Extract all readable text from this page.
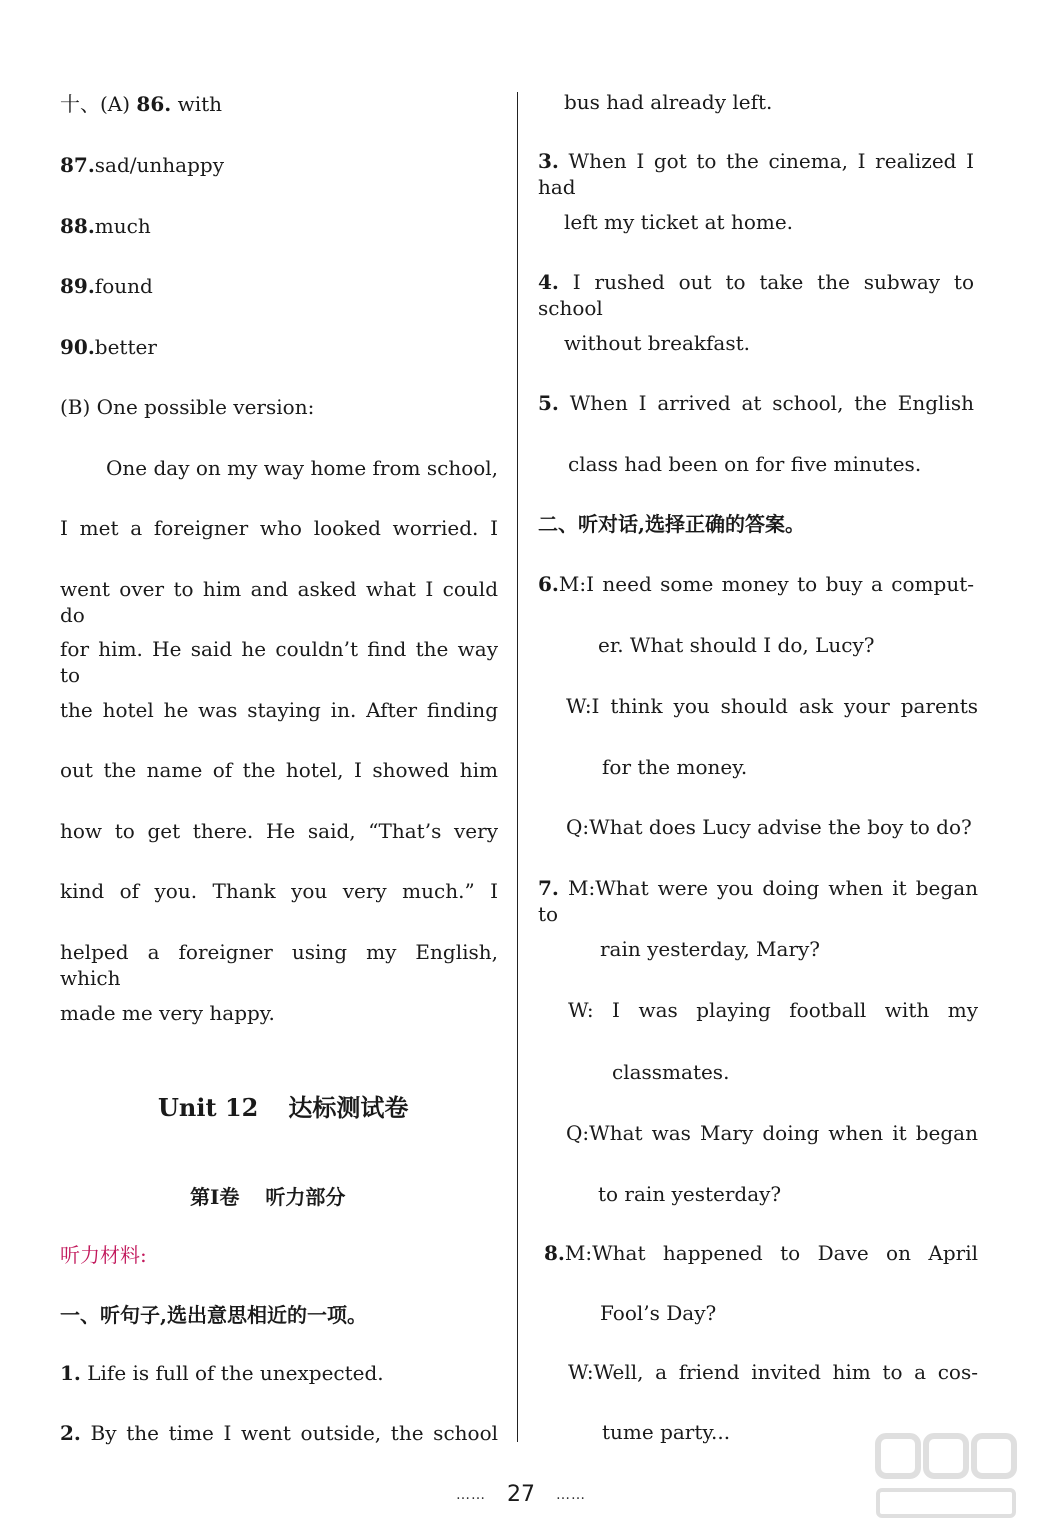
十、(A) 86. with
87.sad/unhappy
88.much
89.found
90.better
(B) One possible version:
One day on my way home from school,
I met a foreigner who looked worried. I
went over to him and asked what I could do
for him. He said he couldn’t find the way to
the hotel he was staying in. After finding
out the name of the hotel, I showed him
how to get there. He said, “That’s very
kind of you. Thank you very much.” I
helped a foreigner using my English, which
made me very happy.
Unit 12 达标测试卷
第Ⅰ卷 听力部分
听力材料:
一、听句子,选出意思相近的一项。
1. Life is full of the unexpected.
2. By the time I went outside, the school
bus had already left.
3. When I got to the cinema, I realized I had
left my ticket at home.
4. I rushed out to take the subway to school
without breakfast.
5. When I arrived at school, the English
class had been on for five minutes.
二、听对话,选择正确的答案。
6.M:I need some money to buy a comput-
er. What should I do, Lucy?
W:I think you should ask your parents
for the money.
Q:What does Lucy advise the boy to do?
7. M:What were you doing when it began to
rain yesterday, Mary?
W: I was playing football with my
classmates.
Q:What was Mary doing when it began
to rain yesterday?
8.M:What happened to Dave on April
Fool’s Day?
W:Well, a friend invited him to a cos-
tume party...
…… 27 ……
